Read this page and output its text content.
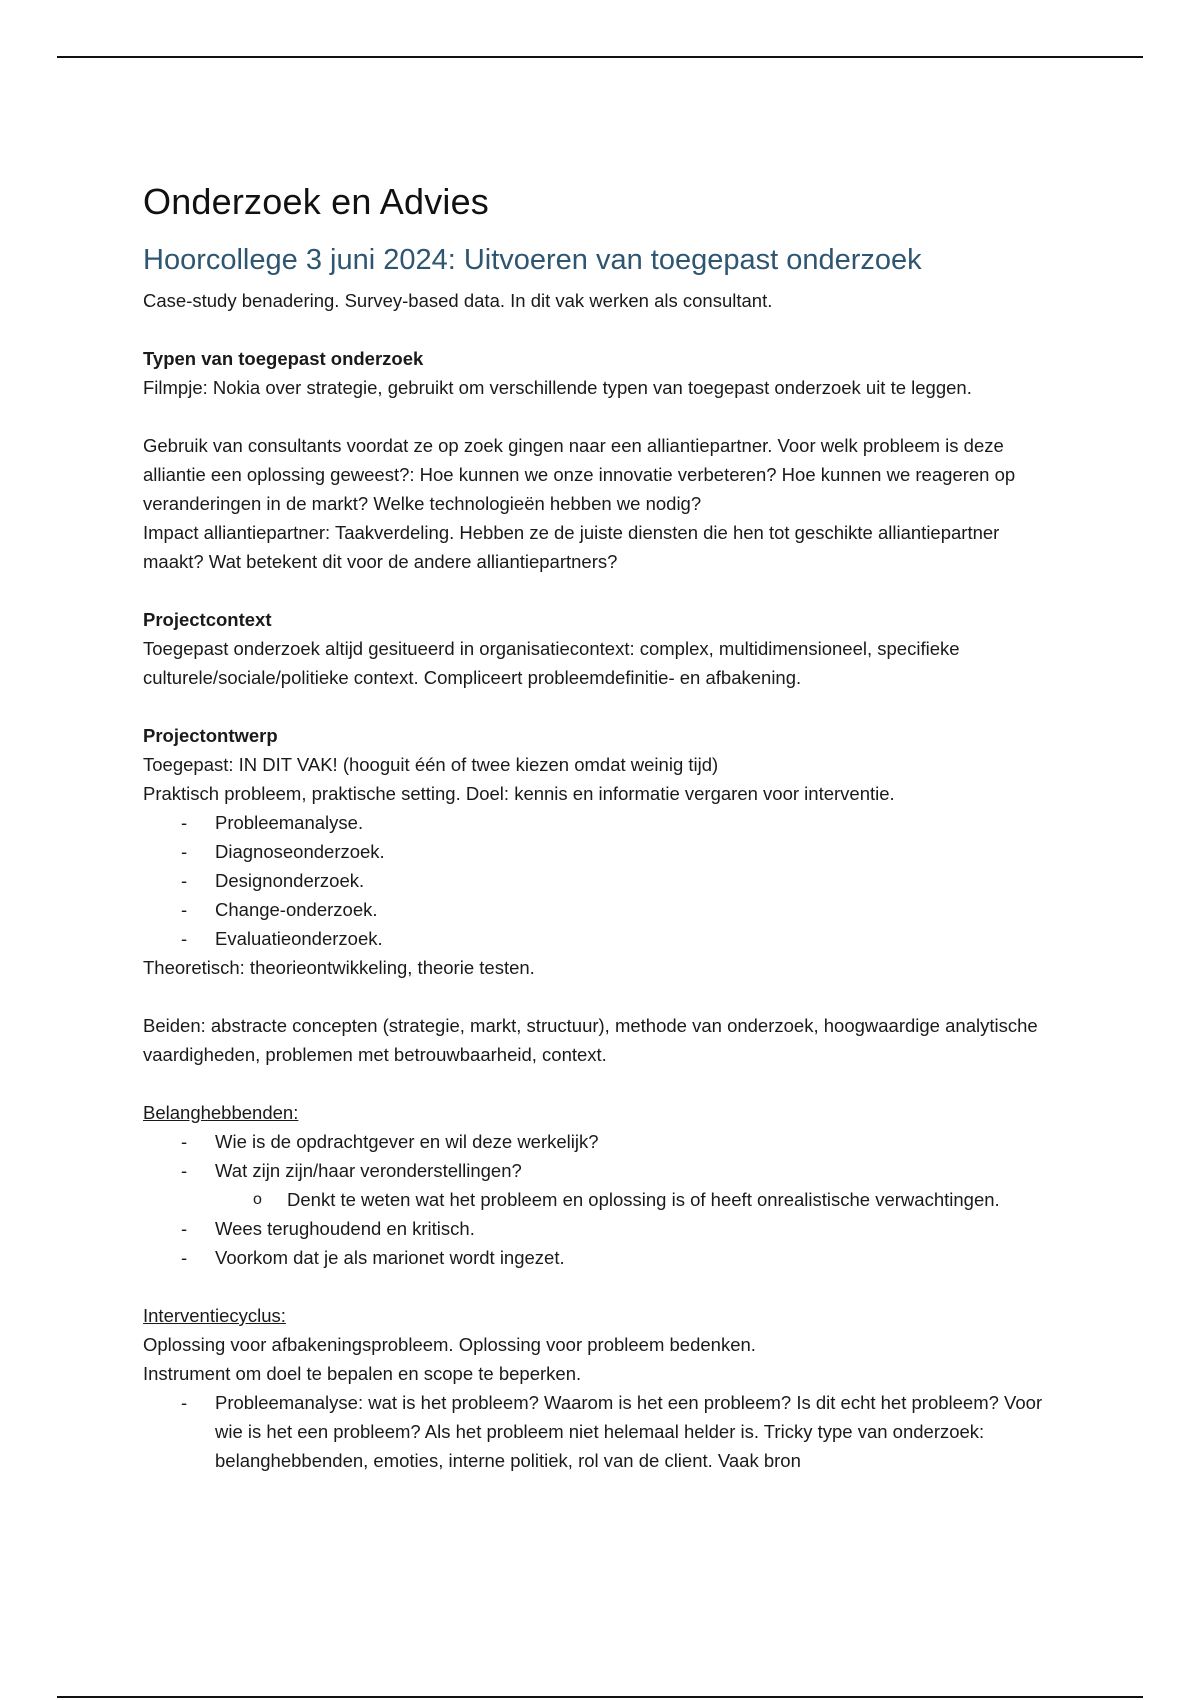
Onderzoek en Advies
Hoorcollege 3 juni 2024: Uitvoeren van toegepast onderzoek

Case-study benadering. Survey-based data. In dit vak werken als consultant.

Typen van toegepast onderzoek

Filmpje: Nokia over strategie, gebruikt om verschillende typen van toegepast onderzoek uit te leggen.

Gebruik van consultants voordat ze op zoek gingen naar een alliantiepartner. Voor welk probleem is deze alliantie een oplossing geweest?: Hoe kunnen we onze innovatie verbeteren? Hoe kunnen we reageren op veranderingen in de markt? Welke technologieën hebben we nodig?

Impact alliantiepartner: Taakverdeling. Hebben ze de juiste diensten die hen tot geschikte alliantiepartner maakt? Wat betekent dit voor de andere alliantiepartners?

Projectcontext

Toegepast onderzoek altijd gesitueerd in organisatiecontext: complex, multidimensioneel, specifieke culturele/sociale/politieke context. Compliceert probleemdefinitie- en afbakening.

Projectontwerp

Toegepast: IN DIT VAK! (hooguit één of twee kiezen omdat weinig tijd)

Praktisch probleem, praktische setting. Doel: kennis en informatie vergaren voor interventie.

- Probleemanalyse.
- Diagnoseonderzoek.
- Designonderzoek.
- Change-onderzoek.
- Evaluatieonderzoek.

Theoretisch: theorieontwikkeling, theorie testen.

Beiden: abstracte concepten (strategie, markt, structuur), methode van onderzoek, hoogwaardige analytische vaardigheden, problemen met betrouwbaarheid, context.

Belanghebbenden:

- Wie is de opdrachtgever en wil deze werkelijk?
- Wat zijn zijn/haar veronderstellingen?
o Denkt te weten wat het probleem en oplossing is of heeft onrealistische verwachtingen.
- Wees terughoudend en kritisch.
- Voorkom dat je als marionet wordt ingezet.

Interventiecyclus:

Oplossing voor afbakeningsprobleem. Oplossing voor probleem bedenken.

Instrument om doel te bepalen en scope te beperken.

- Probleemanalyse: wat is het probleem? Waarom is het een probleem? Is dit echt het probleem? Voor wie is het een probleem? Als het probleem niet helemaal helder is. Tricky type van onderzoek: belanghebbenden, emoties, interne politiek, rol van de client. Vaak bron
